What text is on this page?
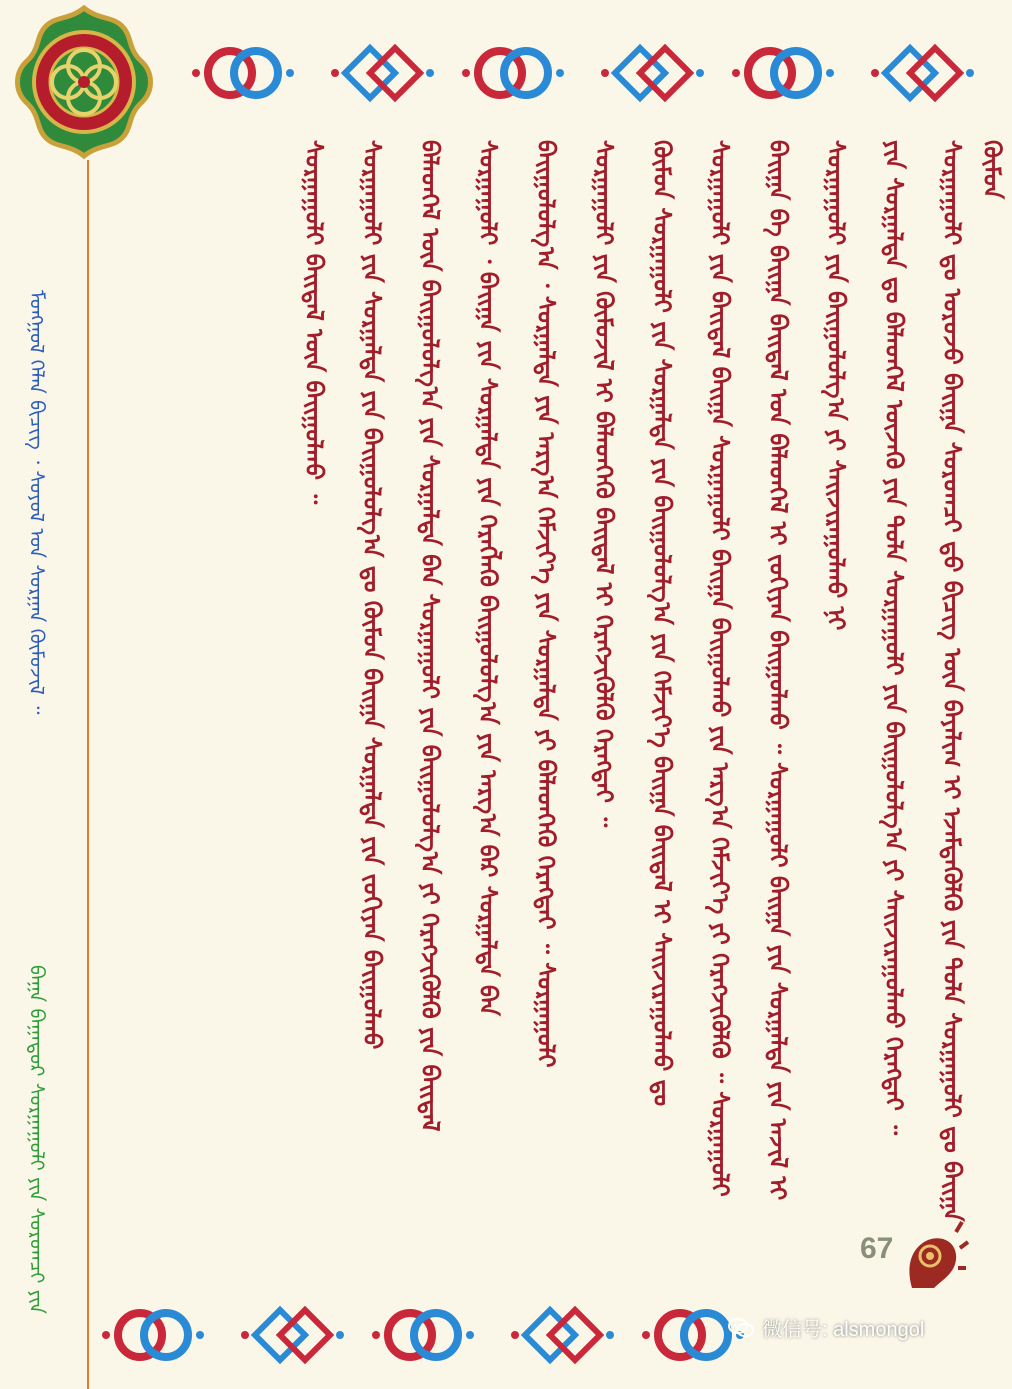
ᠮᠣᠩᠭᠣᠯ ᠬᠡᠯᠡᠨ ᠪᠢᠴᠢᠭ᠌ ᠂ ᠰᠣᠶᠣᠯ ᠤᠨ ᠰᠤᠷᠭᠠᠨ ᠬᠦᠮᠦᠵᠢᠯ ᠃
ᠪᠠᠭᠠ ᠪᠠᠭᠠᠳᠤᠷ ᠰᠤᠷᠭᠠᠭᠤᠯᠢ ᠶᠢᠨ ᠰᠤᠷᠤᠭᠴᠢ ᠶᠢᠨ	ᠰᠤᠷᠭᠠᠭᠤᠯᠢ ᠳᠤ ᠤᠷᠤᠵᠤ ᠪᠠᠢᠭᠠ ᠰᠤᠷᠤᠭᠴᠢ ᠳ᠋ᠦ ᠪᠢᠴᠢᠭ ᠦᠨ ᠪᠠᠶᠠᠯᠢᠭ ᠢ ᠡᠵᠡᠮᠳᠡᠭᠦᠯᠬᠦ ᠶᠢᠨ ᠲᠤᠯᠠ ᠰᠤᠷᠭᠠᠭᠤᠯᠢ ᠳᠤ ᠪᠠᠢᠭᠠ ᠬᠦᠮᠦᠨ
ᠶᠢᠨ ᠰᠤᠷᠭᠠᠯᠲᠠ ᠳᠤ ᠪᠡᠯᠡᠳᠬᠡᠯ ᠦᠵᠡᠬᠦ ᠶᠢᠨ ᠲᠤᠯᠠ ᠰᠤᠷᠭᠠᠭᠤᠯᠢ ᠶᠢᠨ ᠪᠠᠢᠭᠤᠯᠤᠯᠭ᠎ᠠ ᠶᠢ ᠰᠠᠢᠵᠢᠷᠠᠭᠤᠯᠬᠤ ᠬᠡᠷᠡᠭᠲᠡᠢ ᠃
ᠰᠤᠷᠭᠠᠭᠤᠯᠢ ᠶᠢᠨ ᠪᠠᠢᠭᠤᠯᠤᠯᠭ᠎ᠠ ᠶᠢ ᠰᠠᠢᠵᠢᠷᠠᠭᠤᠯᠬᠤ ᠨᠢ
ᠪᠠᠢᠭᠠ ᠪᠠ ᠪᠠᠢᠭᠠ ᠪᠠᠢᠳᠠᠯ ᠤᠨ ᠪᠡᠯᠡᠳᠬᠡᠯ ᠢ ᠵᠣᠬᠢᠶᠠᠨ ᠪᠠᠢᠭᠤᠯᠬᠤ ᠃ ᠰᠤᠷᠭᠠᠭᠤᠯᠢ ᠪᠠᠢᠭᠠ ᠶᠢᠨ ᠰᠤᠷᠭᠠᠯᠲᠠ ᠶᠢᠨ ᠠᠵᠢᠯ ᠢ
ᠰᠤᠷᠭᠠᠭᠤᠯᠢ ᠶᠢᠨ ᠪᠠᠢᠳᠠᠯ ᠪᠠᠢᠭᠠ ᠰᠤᠷᠭᠠᠭᠤᠯᠢ ᠪᠠᠢᠭᠠ ᠪᠠᠢᠭᠤᠯᠬᠤ ᠶᠢᠨ ᠠᠷᠭ᠎ᠠ ᠬᠡᠮᠵᠢᠶ᠎ᠡ ᠶᠢ ᠬᠡᠷᠡᠭᠵᠢᠭᠦᠯᠬᠦ ᠃ ᠰᠤᠷᠭᠠᠭᠤᠯᠢ
ᠬᠦᠮᠦᠨ ᠰᠤᠷᠭᠠᠭᠤᠯᠢ ᠶᠢᠨ ᠰᠤᠷᠭᠠᠯᠲᠠ ᠶᠢᠨ ᠪᠠᠢᠭᠤᠯᠤᠯᠭ᠎ᠠ ᠶᠢᠨ ᠬᠡᠮᠵᠢᠶ᠎ᠡ ᠪᠠᠢᠭᠠ ᠪᠠᠢᠳᠠᠯ ᠢ ᠰᠠᠢᠵᠢᠷᠠᠭᠤᠯᠬᠤ ᠳᠤ
ᠰᠤᠷᠭᠠᠭᠤᠯᠢ ᠶᠢᠨ ᠬᠦᠮᠦᠵᠢᠯ ᠢ ᠪᠡᠯᠡᠳᠬᠡᠬᠦ ᠪᠠᠢᠳᠠᠯ ᠢ ᠬᠡᠷᠡᠭᠵᠢᠭᠦᠯᠬᠦ ᠬᠡᠷᠡᠭᠲᠡᠢ ᠃
ᠪᠠᠢᠭᠤᠯᠤᠯᠭ᠎ᠠ ᠂ ᠰᠤᠷᠭᠠᠯᠲᠠ ᠶᠢᠨ ᠠᠷᠭ᠎ᠠ ᠬᠡᠮᠵᠢᠶ᠎ᠡ ᠶᠢᠨ ᠰᠤᠷᠭᠠᠯᠲᠠ ᠶᠢ ᠪᠡᠯᠡᠳᠬᠡᠬᠦ ᠬᠡᠷᠡᠭᠲᠡᠢ ᠃ ᠰᠤᠷᠭᠠᠭᠤᠯᠢ
ᠰᠤᠷᠭᠠᠭᠤᠯᠢ ᠂ ᠪᠠᠢᠭᠠ ᠶᠢᠨ ᠰᠤᠷᠭᠠᠯᠲᠠ ᠶᠢᠨ ᠬᠡᠷᠡᠭᠯᠡᠬᠦ ᠪᠠᠢᠭᠤᠯᠤᠯᠭ᠎ᠠ ᠶᠢᠨ ᠠᠷᠭ᠎ᠠ ᠪᠡᠷ ᠰᠤᠷᠭᠠᠯᠲᠠ ᠪᠡᠨ
ᠪᠡᠯᠡᠳᠬᠡᠯ ᠦᠨ ᠪᠠᠢᠭᠤᠯᠤᠯᠭ᠎ᠠ ᠶᠢᠨ ᠰᠤᠷᠭᠠᠯᠲᠠ ᠪᠡᠨ ᠰᠤᠷᠭᠠᠭᠤᠯᠢ ᠶᠢᠨ ᠪᠠᠢᠭᠤᠯᠤᠯᠭ᠎ᠠ ᠶᠢ ᠬᠡᠷᠡᠭᠵᠢᠭᠦᠯᠬᠦ ᠶᠢᠨ ᠪᠠᠢᠳᠠᠯ
ᠰᠤᠷᠭᠠᠭᠤᠯᠢ ᠶᠢᠨ ᠰᠤᠷᠭᠠᠯᠲᠠ ᠶᠢᠨ ᠪᠠᠢᠭᠤᠯᠤᠯᠭ᠎ᠠ ᠳᠤ ᠬᠦᠮᠦᠨ ᠪᠠᠢᠭᠠ ᠰᠤᠷᠭᠠᠯᠲᠠ ᠶᠢᠨ ᠵᠣᠬᠢᠶᠠᠨ ᠪᠠᠢᠭᠤᠯᠬᠤ
ᠰᠤᠷᠭᠠᠭᠤᠯᠢ ᠪᠠᠢᠳᠠᠯ ᠦᠨ ᠪᠠᠢᠭᠤᠯᠬᠤ ᠃
67
微信号: alsmongol
